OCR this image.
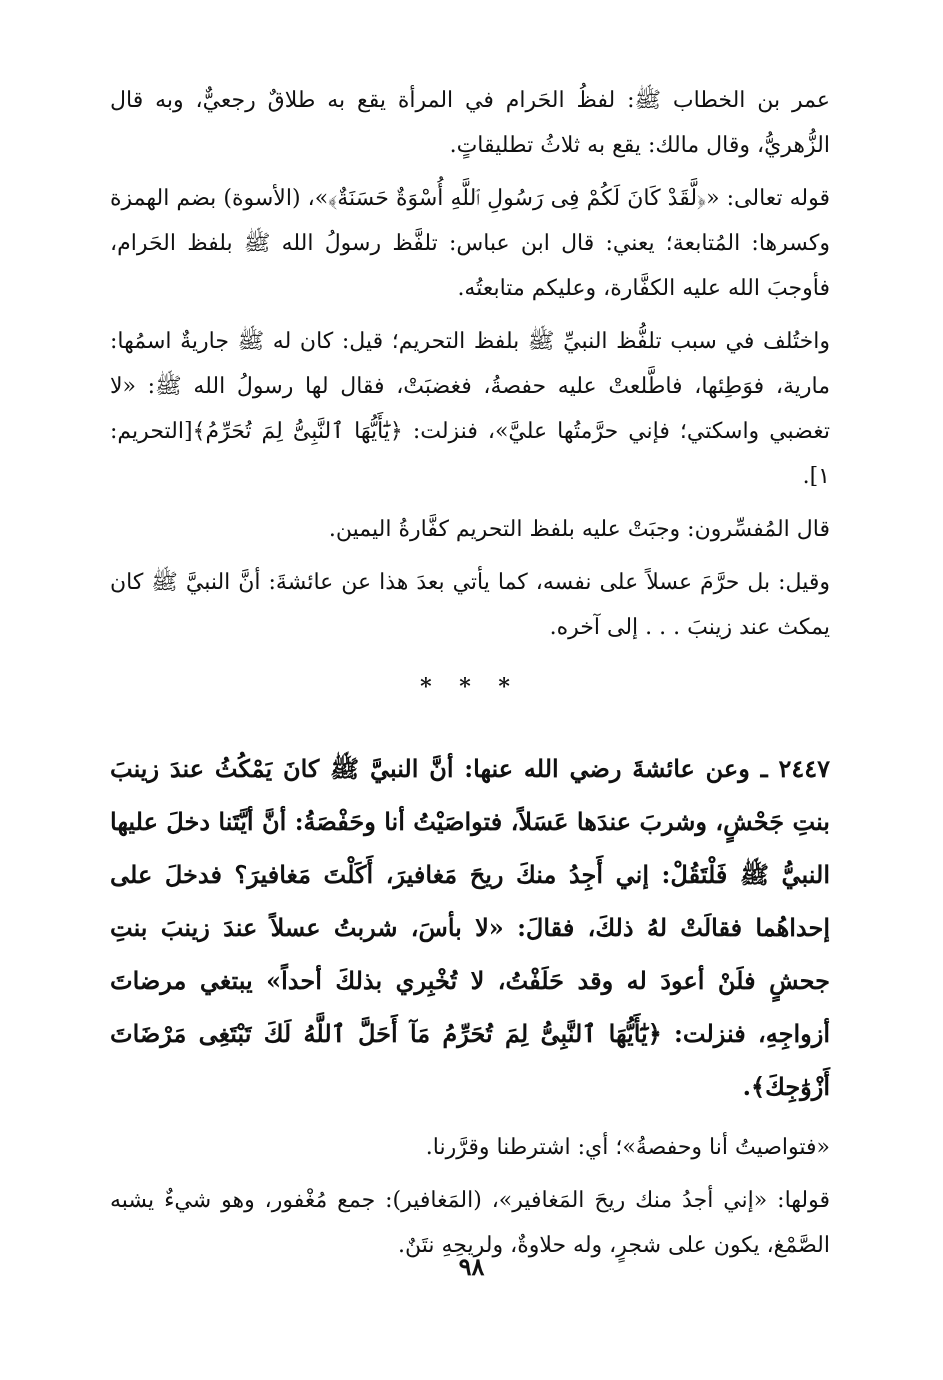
عمر بن الخطاب ﷺ: لفظُ الحَرام في المرأة يقع به طلاقٌ رجعيٌّ، وبه قال الزُّهريُّ، وقال مالك: يقع به ثلاثُ تطليقاتٍ.

قوله تعالى: «﴿لَّقَدْ كَانَ لَكُمْ فِى رَسُولِ ٱللَّهِ أُسْوَةٌ حَسَنَةٌ﴾»، (الأسوة) بضم الهمزة وكسرها: المُتابعة؛ يعني: قال ابن عباس: تلفَّظ رسولُ الله ﷺ بلفظ الحَرام، فأوجبَ الله عليه الكفَّارة، وعليكم متابعتُه.

واختُلف في سبب تلفُّظ النبيِّ ﷺ بلفظ التحريم؛ قيل: كان له ﷺ جاريةٌ اسمُها: مارية، فوَطِئها، فاطَّلعتْ عليه حفصةُ، فغضبَتْ، فقال لها رسولُ الله ﷺ: «لا تغضبي واسكتي؛ فإني حرَّمتُها عليَّ»، فنزلت: ﴿يَٰٓأَيُّهَا ٱلنَّبِىُّ لِمَ تُحَرِّمُ﴾[التحريم: ١].

قال المُفسِّرون: وجبَتْ عليه بلفظ التحريم كفَّارةُ اليمين.

وقيل: بل حرَّمَ عسلاً على نفسه، كما يأتي بعدَ هذا عن عائشةَ: أنَّ النبيَّ ﷺ كان يمكث عند زينبَ . . . إلى آخره.

* * *

٢٤٤٧ ـ وعن عائشةَ رضي الله عنها: أنَّ النبيَّ ﷺ كانَ يَمْكُثُ عندَ زينبَ بنتِ جَحْشٍ، وشربَ عندَها عَسَلاً، فتواصَيْتُ أنا وحَفْصَةُ: أنَّ أيَّتَنا دخلَ عليها النبيُّ ﷺ فَلْتَقُلْ: إني أَجِدُ منكَ ريحَ مَغافيرَ، أَكَلْتَ مَغافيرَ؟ فدخلَ على إحداهُما فقالَتْ لهُ ذلكَ، فقالَ: «لا بأسَ، شربتُ عسلاً عندَ زينبَ بنتِ جحشٍ فلَنْ أعودَ له وقد حَلَفْتُ، لا تُخْبِري بذلكَ أحداً» يبتغي مرضاتَ أزواجِهِ، فنزلت: ﴿يَٰٓأَيُّهَا ٱلنَّبِىُّ لِمَ تُحَرِّمُ مَآ أَحَلَّ ٱللَّهُ لَكَ تَبْتَغِى مَرْضَاتَ أَزْوَٰجِكَ﴾.

«فتواصيتُ أنا وحفصةُ»؛ أي: اشترطنا وقرَّرنا.

قولها: «إني أجدُ منك ريحَ المَغافير»، (المَغافير): جمع مُغْفور، وهو شيءٌ يشبه الصَّمْغ، يكون على شجرٍ، وله حلاوةٌ، ولريحِهِ نتَنٌ.

٩٨
